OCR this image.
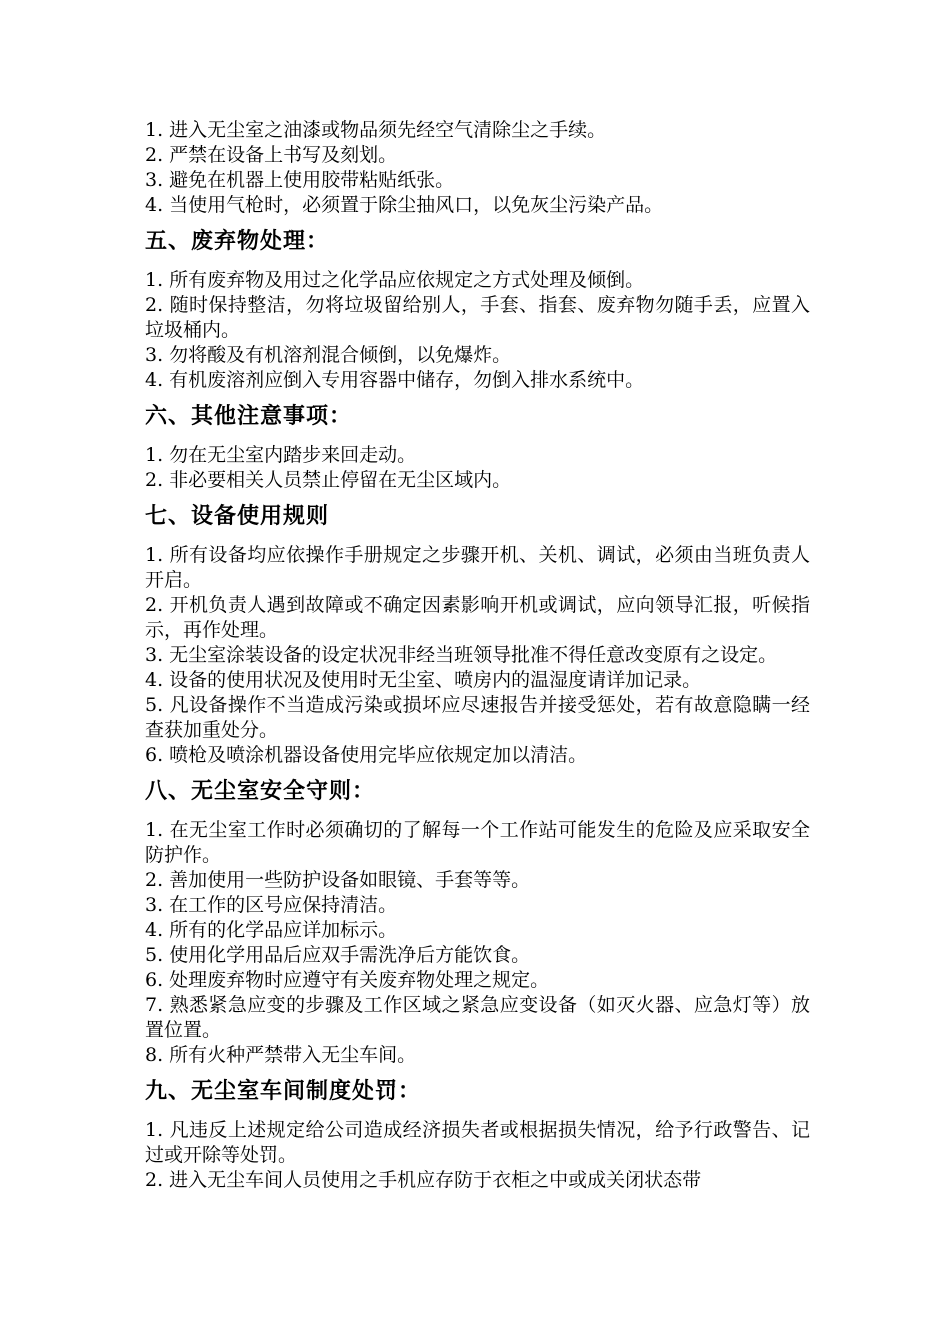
1. 进入无尘室之油漆或物品须先经空气清除尘之手续。

2. 严禁在设备上书写及刻划。

3. 避免在机器上使用胶带粘贴纸张。

4. 当使用气枪时，必须置于除尘抽风口，以免灰尘污染产品。

五、废弃物处理：

1. 所有废弃物及用过之化学品应依规定之方式处理及倾倒。

2. 随时保持整洁，勿将垃圾留给别人，手套、指套、废弃物勿随手丢，应置入垃圾桶内。

3. 勿将酸及有机溶剂混合倾倒，以免爆炸。

4. 有机废溶剂应倒入专用容器中储存，勿倒入排水系统中。

六、其他注意事项：

1. 勿在无尘室内踏步来回走动。

2. 非必要相关人员禁止停留在无尘区域内。

七、设备使用规则

1. 所有设备均应依操作手册规定之步骤开机、关机、调试，必须由当班负责人开启。

2. 开机负责人遇到故障或不确定因素影响开机或调试，应向领导汇报，听候指示，再作处理。

3. 无尘室涂装设备的设定状况非经当班领导批准不得任意改变原有之设定。

4. 设备的使用状况及使用时无尘室、喷房内的温湿度请详加记录。

5. 凡设备操作不当造成污染或损坏应尽速报告并接受惩处，若有故意隐瞒一经查获加重处分。

6. 喷枪及喷涂机器设备使用完毕应依规定加以清洁。

八、无尘室安全守则：

1. 在无尘室工作时必须确切的了解每一个工作站可能发生的危险及应采取安全防护作。

2. 善加使用一些防护设备如眼镜、手套等等。

3. 在工作的区号应保持清洁。

4. 所有的化学品应详加标示。

5. 使用化学用品后应双手需洗净后方能饮食。

6. 处理废弃物时应遵守有关废弃物处理之规定。

7. 熟悉紧急应变的步骤及工作区域之紧急应变设备（如灭火器、应急灯等）放置位置。

8. 所有火种严禁带入无尘车间。

九、无尘室车间制度处罚：

1. 凡违反上述规定给公司造成经济损失者或根据损失情况，给予行政警告、记过或开除等处罚。

2. 进入无尘车间人员使用之手机应存防于衣柜之中或成关闭状态带
